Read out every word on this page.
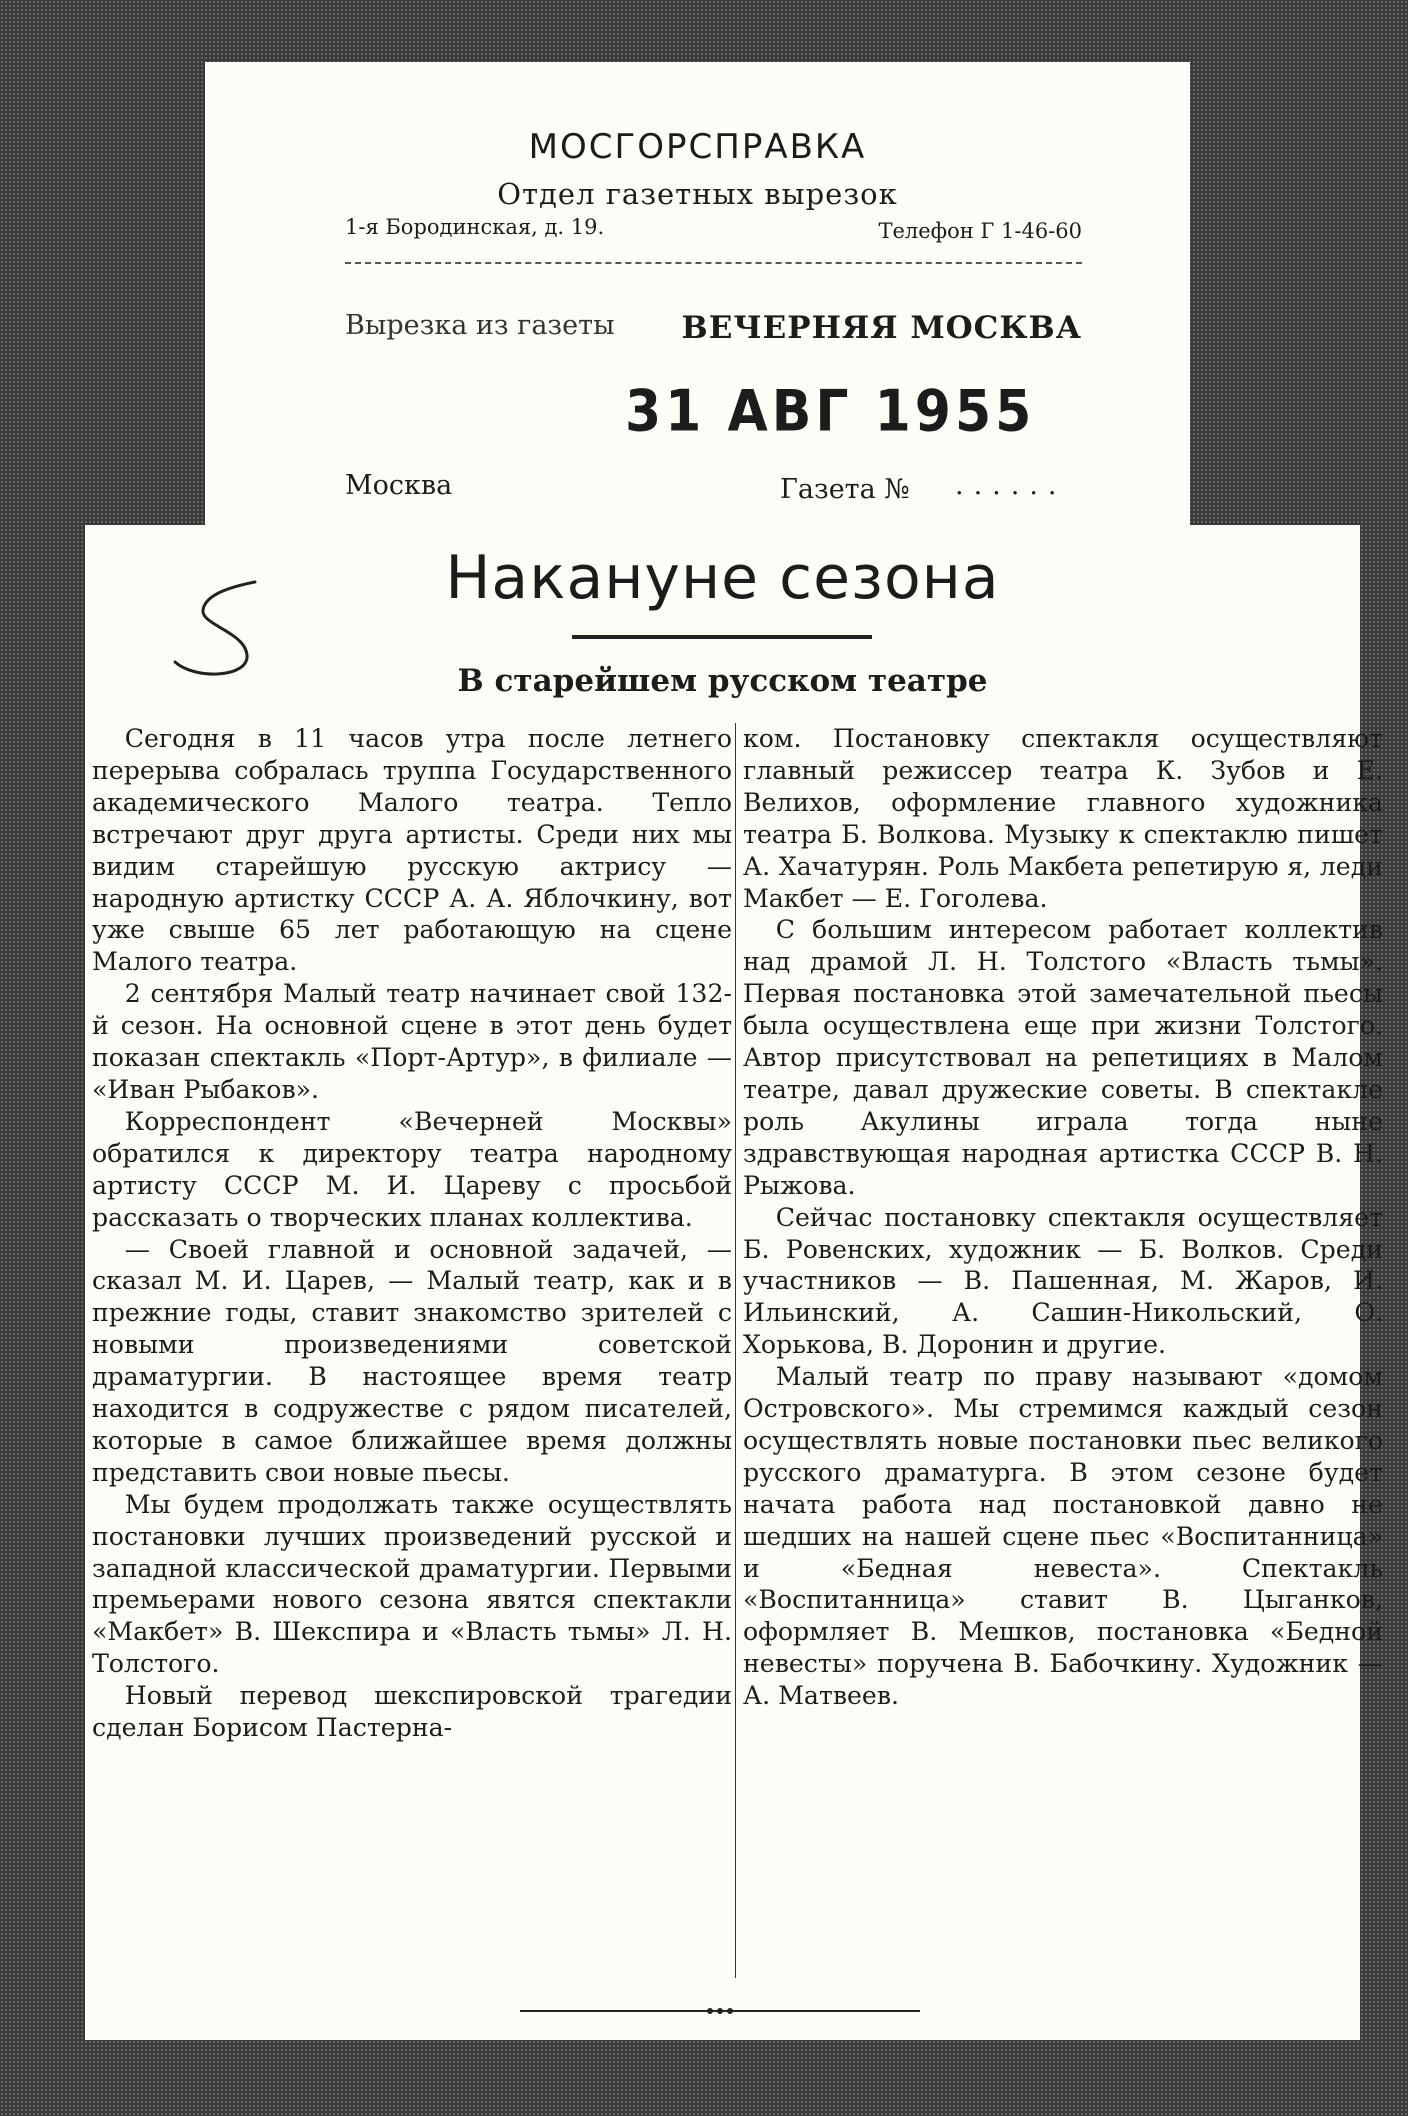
МОСГОРСПРАВКА
Отдел газетных вырезок
1-я Бородинская, д. 19.	Телефон Г 1-46-60
Вырезка из газеты ВЕЧЕРНЯЯ МОСКВА
31 АВГ 1955
Москва	Газета № ......
Накануне сезона
В старейшем русском театре

Сегодня в 11 часов утра после летнего перерыва собралась труппа Государственного академического Малого театра. Тепло встречают друг друга артисты. Среди них мы видим старейшую русскую актрису — народную артистку СССР А. А. Яблочкину, вот уже свыше 65 лет работающую на сцене Малого театра.

2 сентября Малый театр начинает свой 132-й сезон. На основной сцене в этот день будет показан спектакль «Порт-Артур», в филиале — «Иван Рыбаков».

Корреспондент «Вечерней Москвы» обратился к директору театра народному артисту СССР М. И. Цареву с просьбой рассказать о творческих планах коллектива.

— Своей главной и основной задачей, — сказал М. И. Царев, — Малый театр, как и в прежние годы, ставит знакомство зрителей с новыми произведениями советской драматургии. В настоящее время театр находится в содружестве с рядом писателей, которые в самое ближайшее время должны представить свои новые пьесы.

Мы будем продолжать также осуществлять постановки лучших произведений русской и западной классической драматургии. Первыми премьерами нового сезона явятся спектакли «Макбет» В. Шекспира и «Власть тьмы» Л. Н. Толстого.

Новый перевод шекспировской трагедии сделан Борисом Пастерна-

ком. Постановку спектакля осуществляют главный режиссер театра К. Зубов и Е. Велихов, оформление главного художника театра Б. Волкова. Музыку к спектаклю пишет А. Хачатурян. Роль Макбета репетирую я, леди Макбет — Е. Гоголева.

С большим интересом работает коллектив над драмой Л. Н. Толстого «Власть тьмы». Первая постановка этой замечательной пьесы была осуществлена еще при жизни Толстого. Автор присутствовал на репетициях в Малом театре, давал дружеские советы. В спектакле роль Акулины играла тогда ныне здравствующая народная артистка СССР В. Н. Рыжова.

Сейчас постановку спектакля осуществляет Б. Ровенских, художник — Б. Волков. Среди участников — В. Пашенная, М. Жаров, И. Ильинский, А. Сашин-Никольский, О. Хорькова, В. Доронин и другие.

Малый театр по праву называют «домом Островского». Мы стремимся каждый сезон осуществлять новые постановки пьес великого русского драматурга. В этом сезоне будет начата работа над постановкой давно не шедших на нашей сцене пьес «Воспитанница» и «Бедная невеста». Спектакль «Воспитанница» ставит В. Цыганков, оформляет В. Мешков, постановка «Бедной невесты» поручена В. Бабочкину. Художник — А. Матвеев.
